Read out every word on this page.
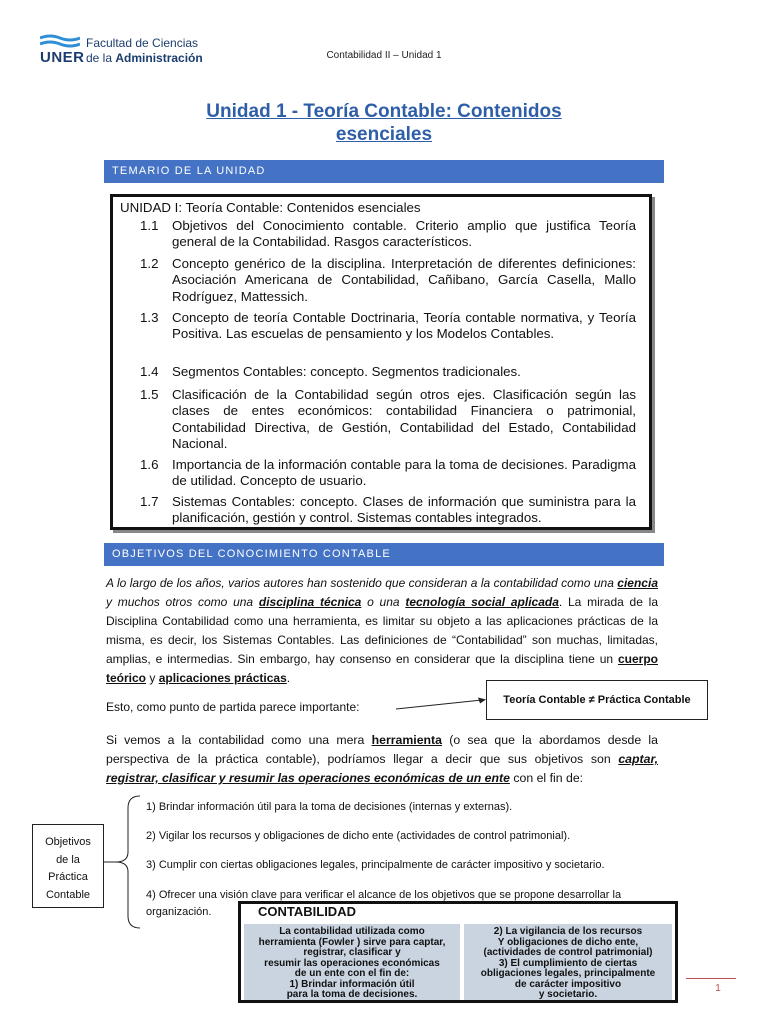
UNER
Facultad de Ciencias
de la Administración	Contabilidad II – Unidad 1
Unidad 1 - Teoría Contable: Contenidos
esenciales
TEMARIO DE LA UNIDAD
UNIDAD I: Teoría Contable: Contenidos esenciales
1.1	Objetivos del Conocimiento contable. Criterio amplio que justifica Teoría general de la Contabilidad. Rasgos característicos.
1.2	Concepto genérico de la disciplina. Interpretación de diferentes definiciones: Asociación Americana de Contabilidad, Cañibano, García Casella, Mallo Rodríguez, Mattessich.
1.3	Concepto de teoría Contable Doctrinaria, Teoría contable normativa, y Teoría Positiva. Las escuelas de pensamiento y los Modelos Contables.
1.4	Segmentos Contables: concepto. Segmentos tradicionales.
1.5	Clasificación de la Contabilidad según otros ejes. Clasificación según las clases de entes económicos: contabilidad Financiera o patrimonial, Contabilidad Directiva, de Gestión, Contabilidad del Estado, Contabilidad Nacional.
1.6	Importancia de la información contable para la toma de decisiones. Paradigma de utilidad. Concepto de usuario.
1.7	Sistemas Contables: concepto. Clases de información que suministra para la planificación, gestión y control. Sistemas contables integrados.
OBJETIVOS DEL CONOCIMIENTO CONTABLE
A lo largo de los años, varios autores han sostenido que consideran a la contabilidad como una ciencia y muchos otros como una disciplina técnica o una tecnología social aplicada. La mirada de la Disciplina Contabilidad como una herramienta, es limitar su objeto a las aplicaciones prácticas de la misma, es decir, los Sistemas Contables. Las definiciones de “Contabilidad” son muchas, limitadas, amplias, e intermedias. Sin embargo, hay consenso en considerar que la disciplina tiene un cuerpo teórico y aplicaciones prácticas.
Esto, como punto de partida parece importante:	Teoría Contable ≠ Práctica Contable
Si vemos a la contabilidad como una mera herramienta (o sea que la abordamos desde la perspectiva de la práctica contable), podríamos llegar a decir que sus objetivos son captar, registrar, clasificar y resumir las operaciones económicas de un ente con el fin de:
Objetivos
de la
Práctica
Contable
1) Brindar información útil para la toma de decisiones (internas y externas).
2) Vigilar los recursos y obligaciones de dicho ente (actividades de control patrimonial).
3) Cumplir con ciertas obligaciones legales, principalmente de carácter impositivo y societario.
4) Ofrecer una visión clave para verificar el alcance de los objetivos que se propone desarrollar la organización.	CONTABILIDAD
La contabilidad utilizada como
herramienta (Fowler ) sirve para captar,
registrar, clasificar y
resumir las operaciones económicas
de un ente con el fin de:
1) Brindar información útil
para la toma de decisiones.
2) La vigilancia de los recursos
Y obligaciones de dicho ente,
(actividades de control patrimonial)
3) El cumplimiento de ciertas
obligaciones legales, principalmente
de carácter impositivo
y societario.
1
